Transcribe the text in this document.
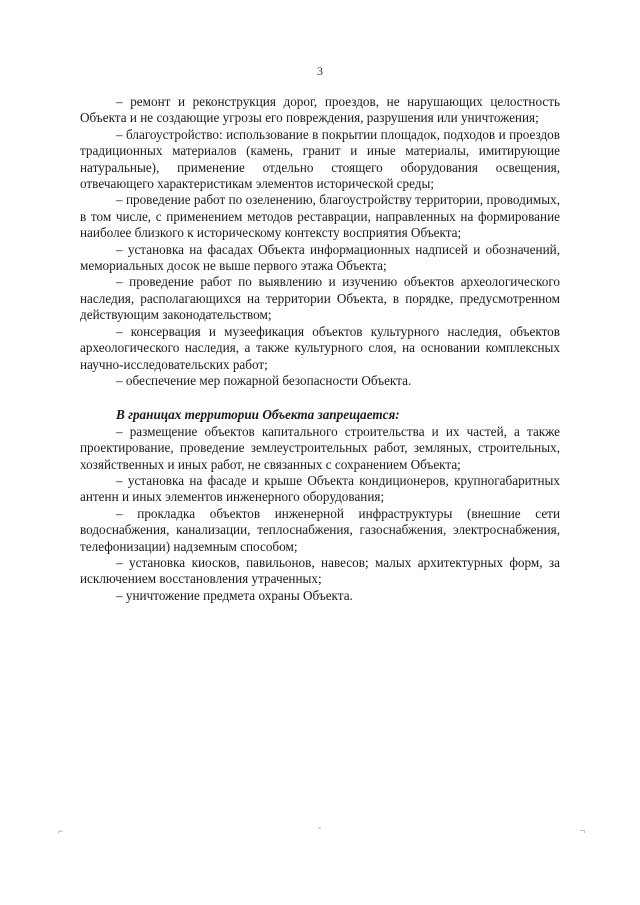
3

– ремонт и реконструкция дорог, проездов, не нарушающих целостность Объекта и не создающие угрозы его повреждения, разрушения или уничтожения;

– благоустройство: использование в покрытии площадок, подходов и проездов традиционных материалов (камень, гранит и иные материалы, имитирующие натуральные), применение отдельно стоящего оборудования освещения, отвечающего характеристикам элементов исторической среды;

– проведение работ по озеленению, благоустройству территории, проводимых, в том числе, с применением методов реставрации, направленных на формирование наиболее близкого к историческому контексту восприятия Объекта;

– установка на фасадах Объекта информационных надписей и обозначений, мемориальных досок не выше первого этажа Объекта;

– проведение работ по выявлению и изучению объектов археологического наследия, располагающихся на территории Объекта, в порядке, предусмотренном действующим законодательством;

– консервация и музеефикация объектов культурного наследия, объектов археологического наследия, а также культурного слоя, на основании комплексных научно-исследовательских работ;

– обеспечение мер пожарной безопасности Объекта.

В границах территории Объекта запрещается:

– размещение объектов капитального строительства и их частей, а также проектирование, проведение землеустроительных работ, земляных, строительных, хозяйственных и иных работ, не связанных с сохранением Объекта;

– установка на фасаде и крыше Объекта кондиционеров, крупногабаритных антенн и иных элементов инженерного оборудования;

– прокладка объектов инженерной инфраструктуры (внешние сети водоснабжения, канализации, теплоснабжения, газоснабжения, электроснабжения, телефонизации) надземным способом;

– установка киосков, павильонов, навесов; малых архитектурных форм, за исключением восстановления утраченных;

– уничтожение предмета охраны Объекта.

⌐	˜	¬
